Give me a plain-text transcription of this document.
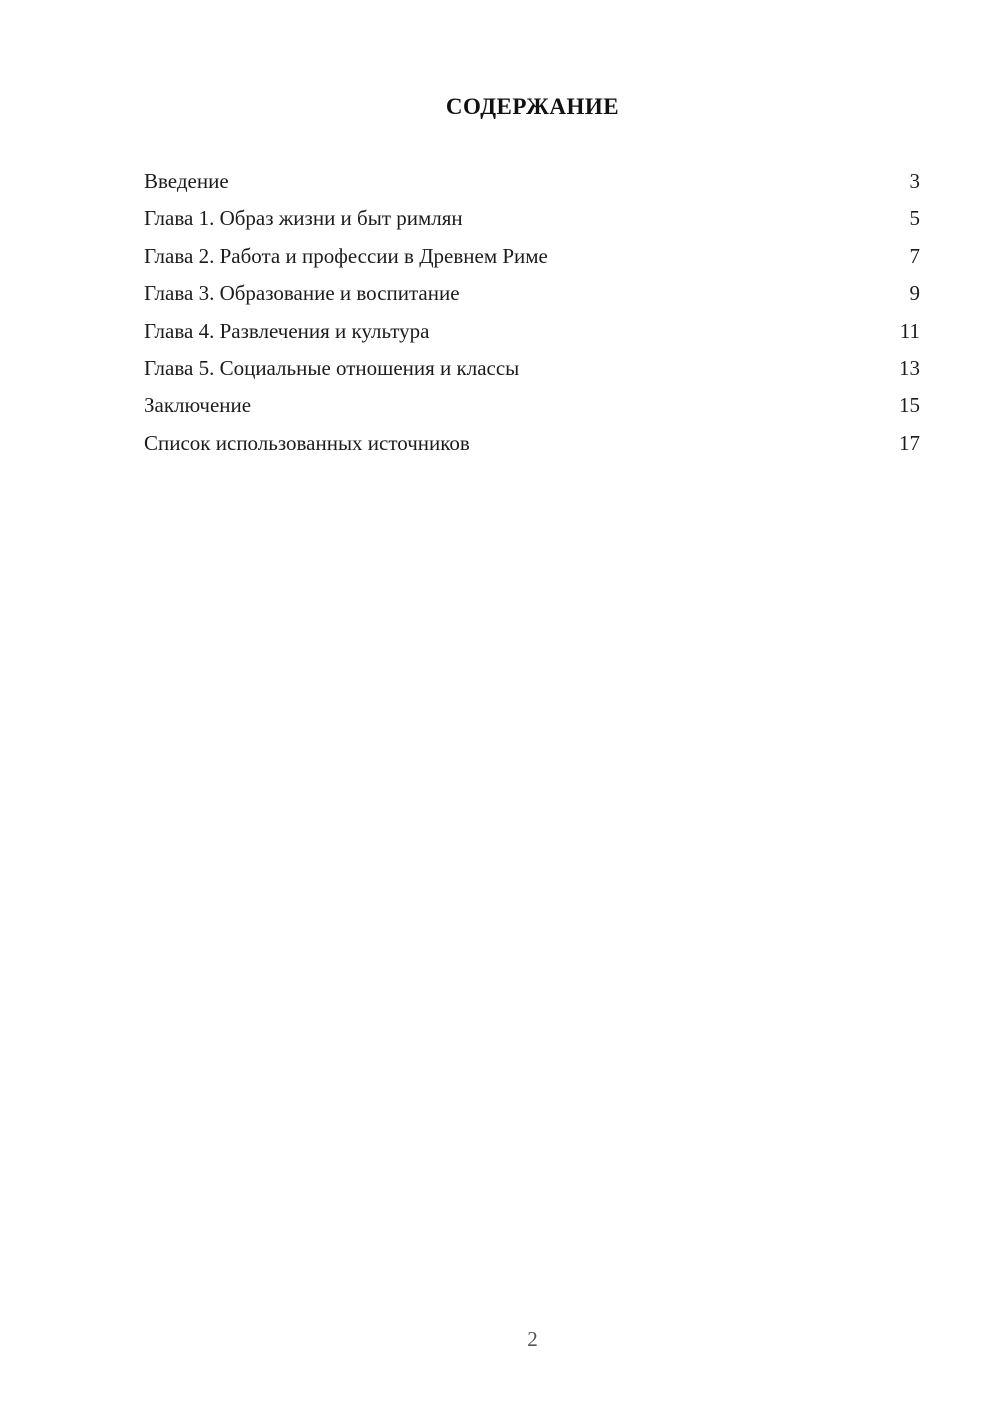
СОДЕРЖАНИЕ
Введение	3
Глава 1. Образ жизни и быт римлян	5
Глава 2. Работа и профессии в Древнем Риме	7
Глава 3. Образование и воспитание	9
Глава 4. Развлечения и культура	11
Глава 5. Социальные отношения и классы	13
Заключение	15
Список использованных источников	17
2
